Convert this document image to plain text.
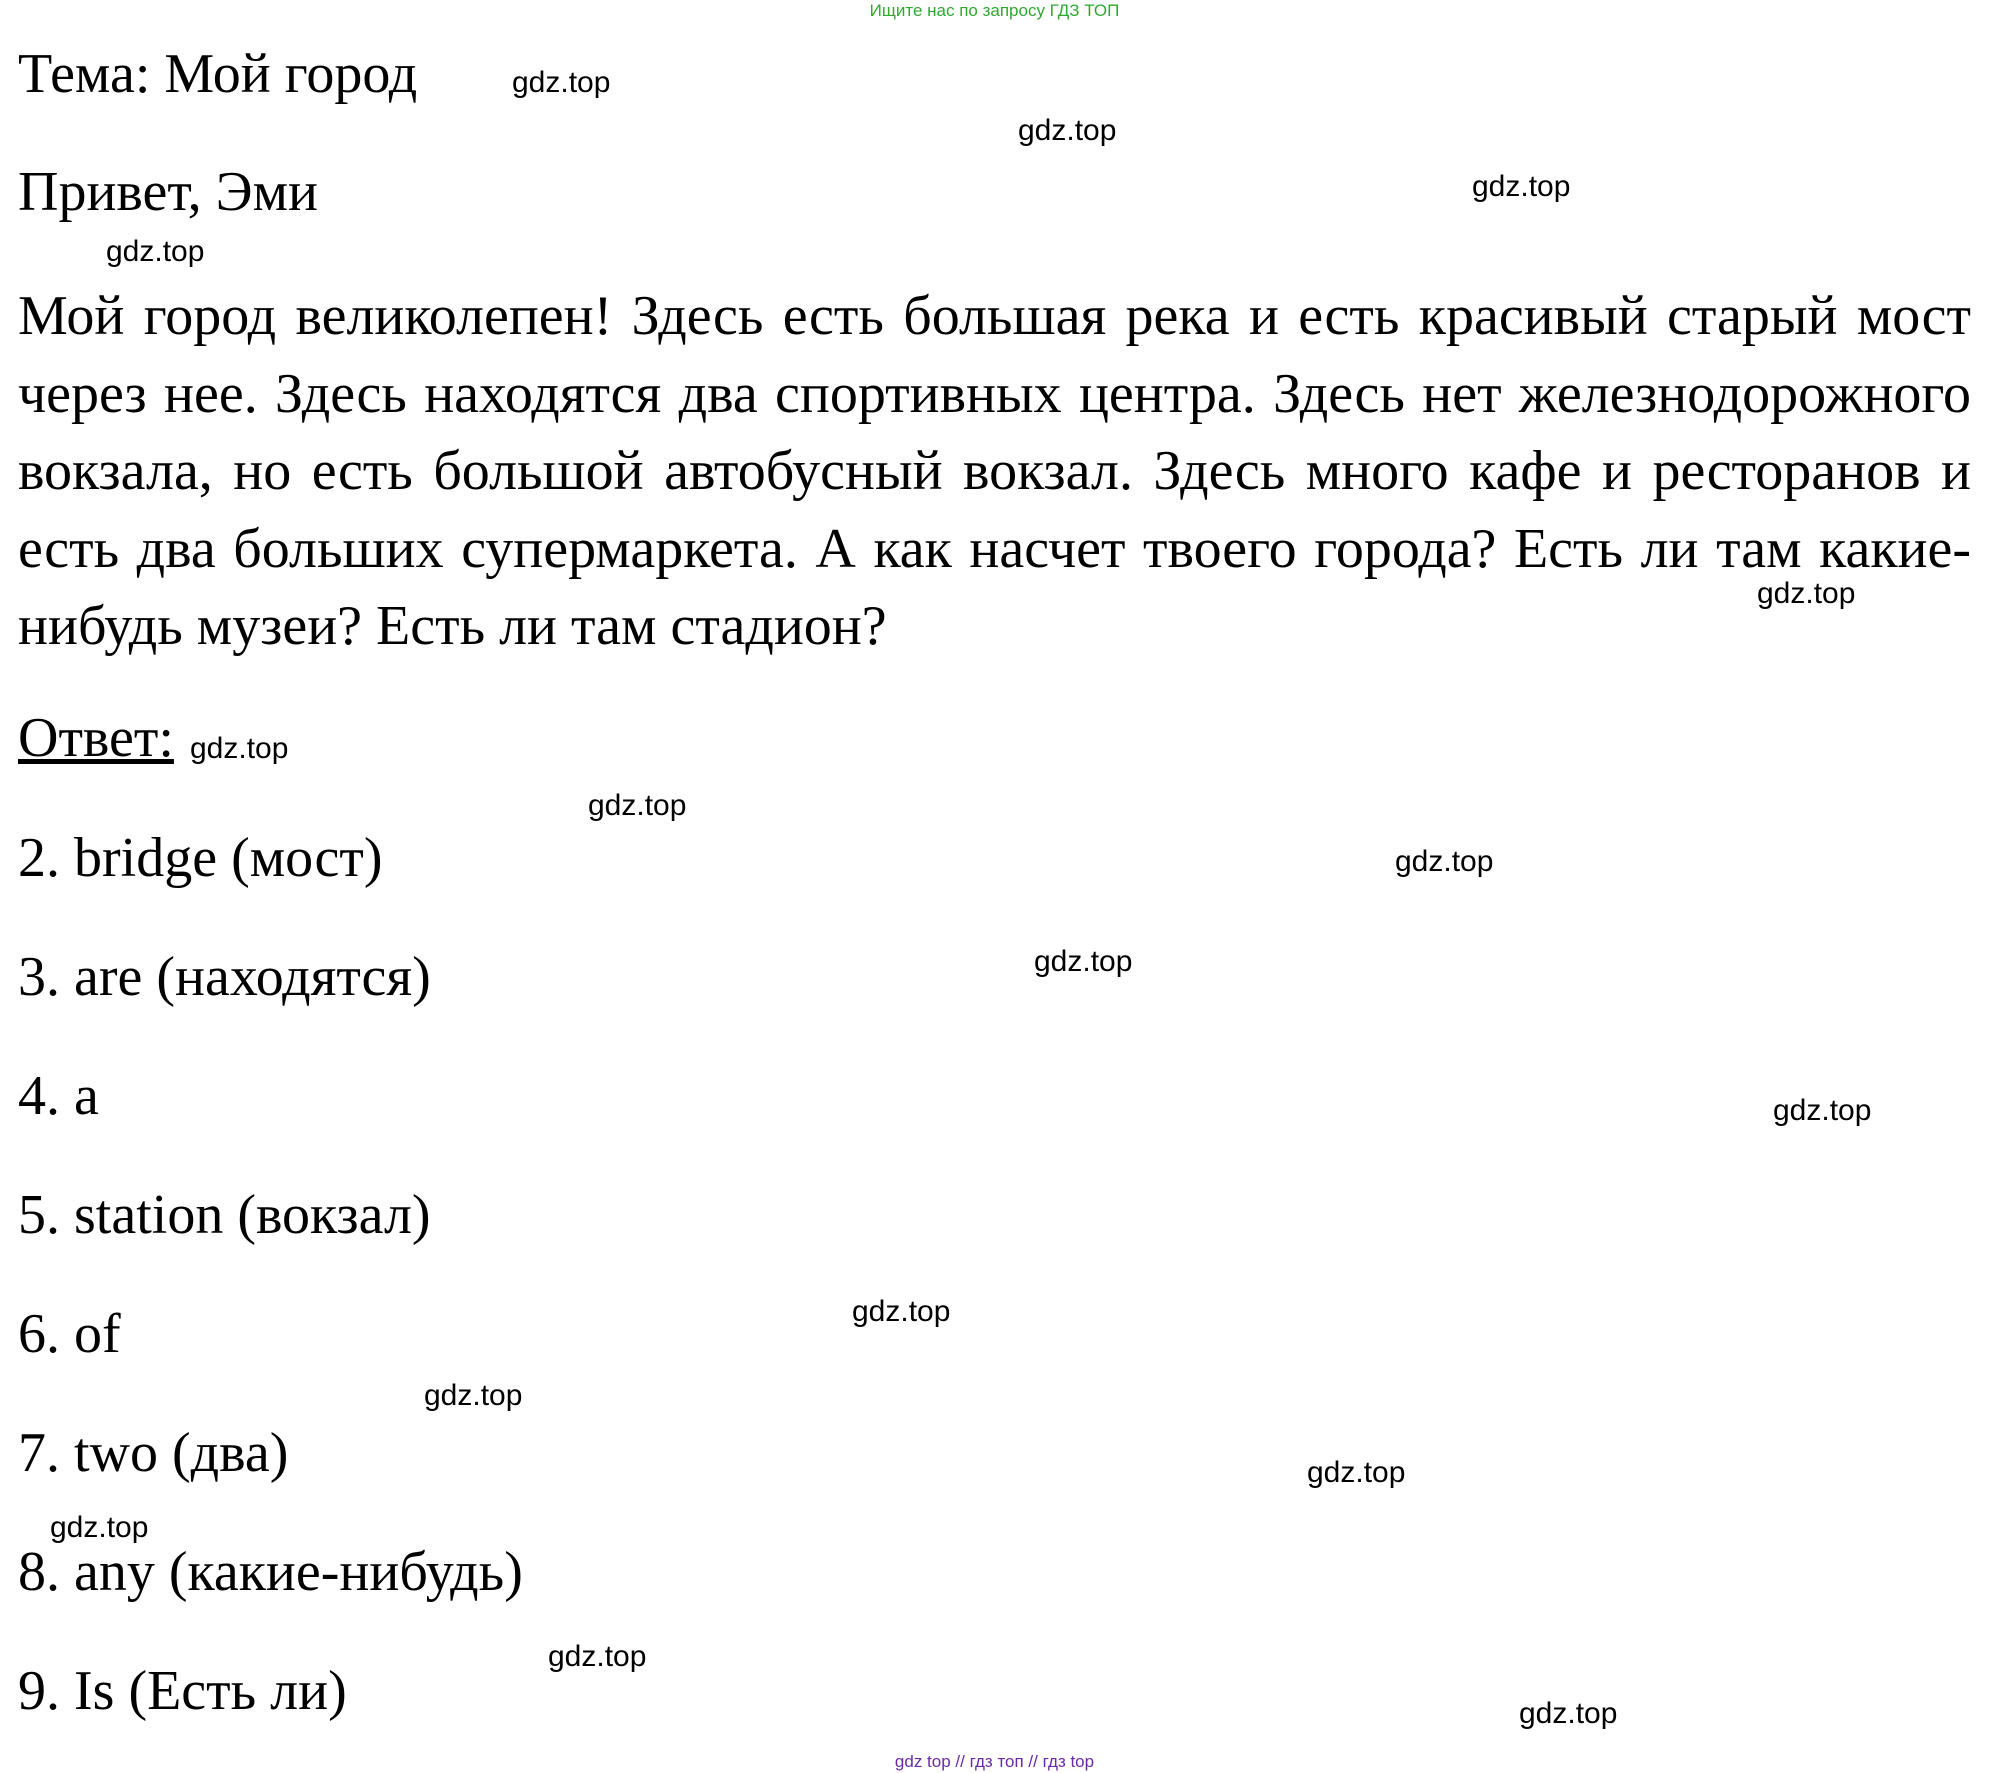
Ищите нас по запросу ГДЗ ТОП

Тема: Мой город

Привет, Эми

Мой город великолепен! Здесь есть большая река и есть красивый старый мост через нее. Здесь находятся два спортивных центра. Здесь нет железнодорожного вокзала, но есть большой автобусный вокзал. Здесь много кафе и ресторанов и есть два больших супермаркета. А как насчет твоего города? Есть ли там какие-нибудь музеи? Есть ли там стадион?

Ответ:

2. bridge (мост)

3. are (находятся)

4. a

5. station (вокзал)

6. of

7. two (два)

8. any (какие-нибудь)

9. Is (Есть ли)

gdz.top
gdz.top
gdz.top
gdz.top
gdz.top
gdz.top
gdz.top
gdz.top
gdz.top
gdz.top
gdz.top
gdz.top
gdz.top
gdz.top
gdz.top
gdz.top
gdz top // гдз топ // гдз top
